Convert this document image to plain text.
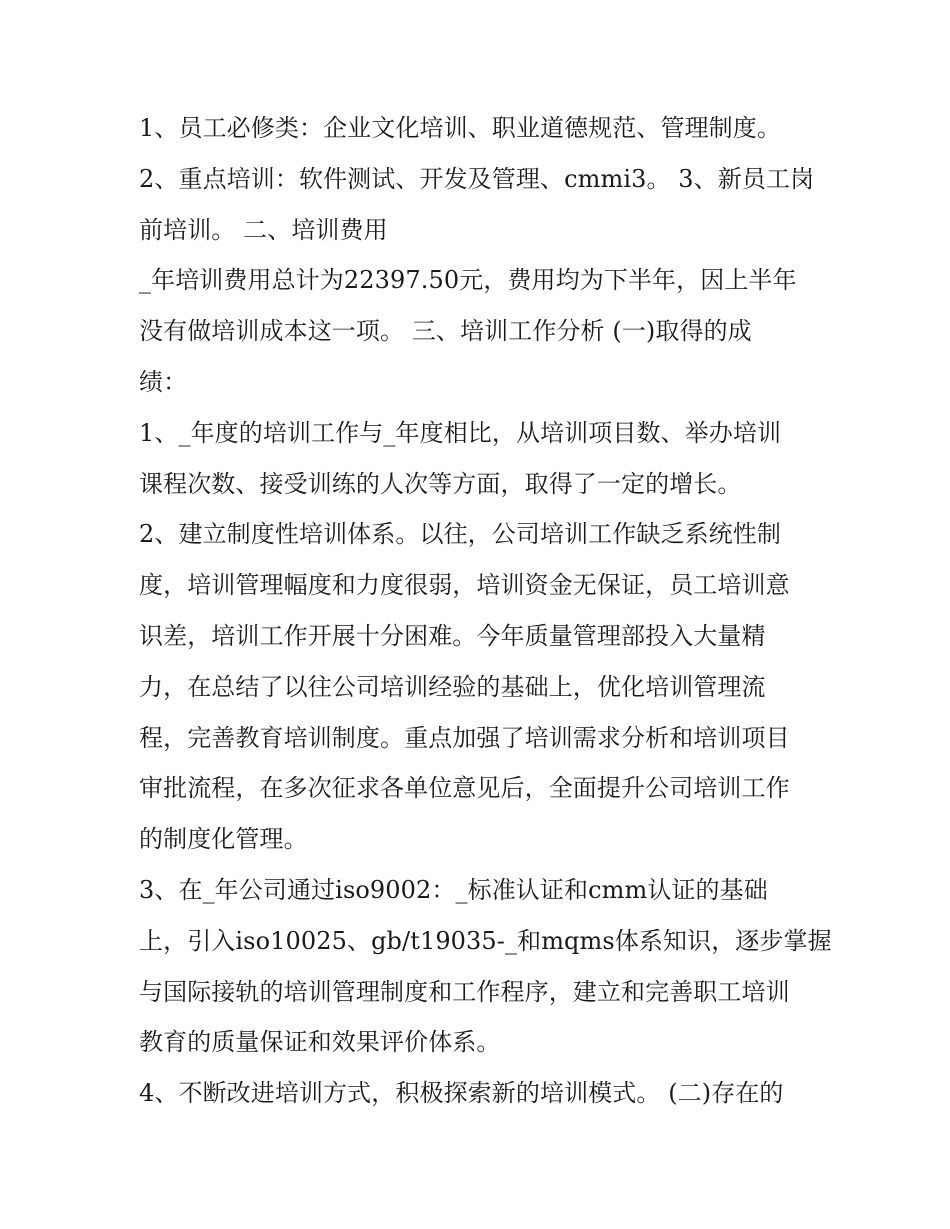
1、员工必修类：企业文化培训、职业道德规范、管理制度。
2、重点培训：软件测试、开发及管理、cmmi3。 3、新员工岗
前培训。 二、培训费用
_年培训费用总计为22397.50元，费用均为下半年，因上半年
没有做培训成本这一项。 三、培训工作分析 (一)取得的成
绩：
1、_年度的培训工作与_年度相比，从培训项目数、举办培训
课程次数、接受训练的人次等方面，取得了一定的增长。
2、建立制度性培训体系。以往，公司培训工作缺乏系统性制
度，培训管理幅度和力度很弱，培训资金无保证，员工培训意
识差，培训工作开展十分困难。今年质量管理部投入大量精
力，在总结了以往公司培训经验的基础上，优化培训管理流
程，完善教育培训制度。重点加强了培训需求分析和培训项目
审批流程，在多次征求各单位意见后，全面提升公司培训工作
的制度化管理。
3、在_年公司通过iso9002：_标准认证和cmm认证的基础
上，引入iso10025、gb/t19035-_和mqms体系知识，逐步掌握
与国际接轨的培训管理制度和工作程序，建立和完善职工培训
教育的质量保证和效果评价体系。
4、不断改进培训方式，积极探索新的培训模式。 (二)存在的
